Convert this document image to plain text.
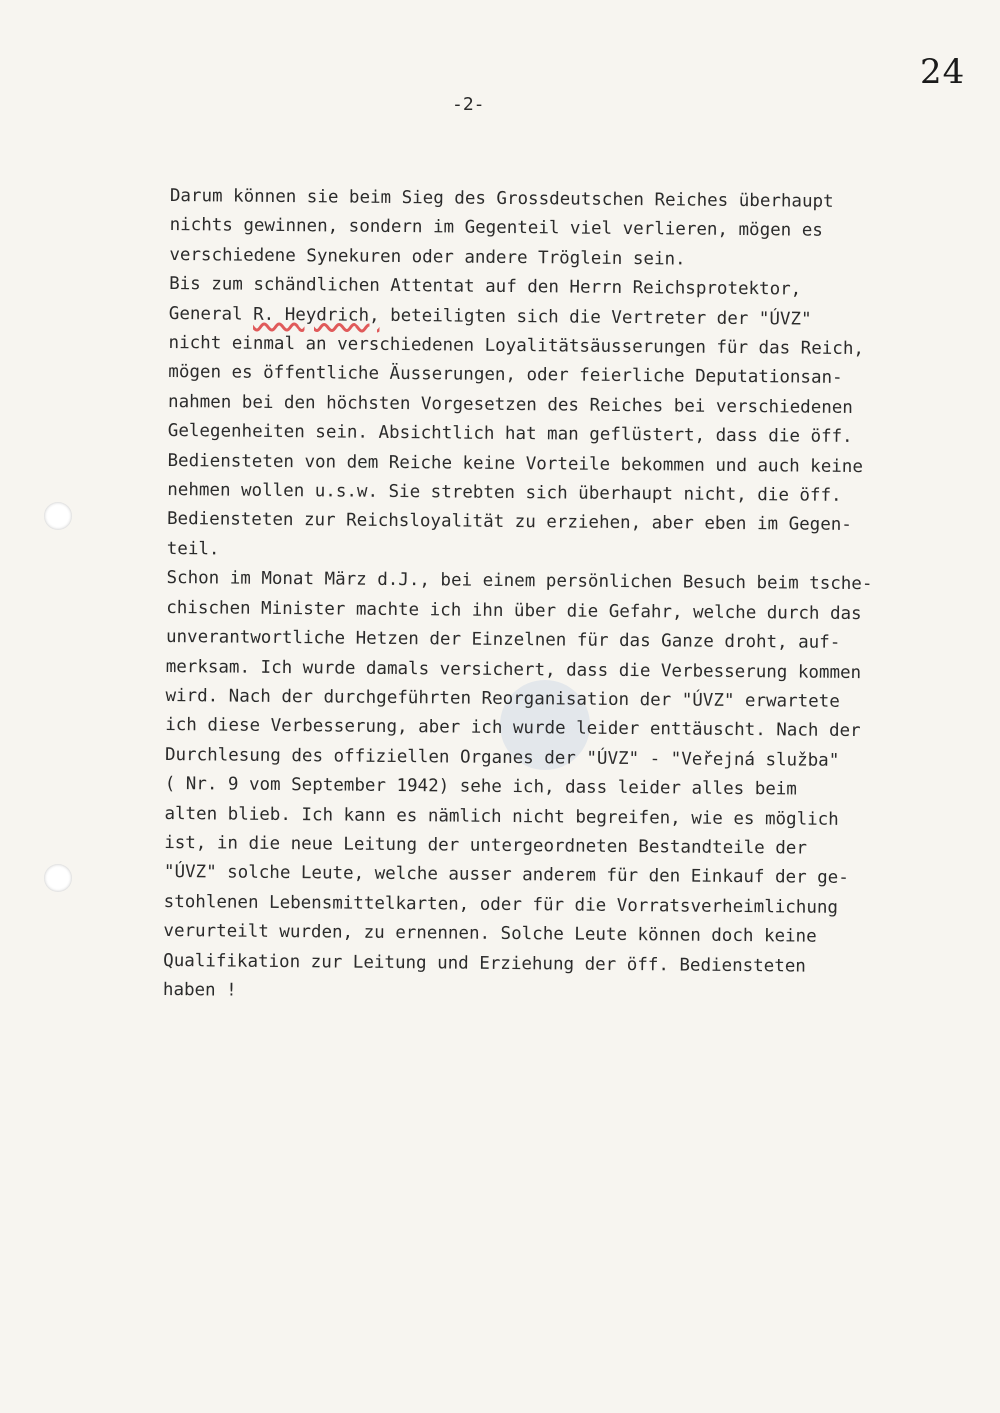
24
-2-
Darum können sie beim Sieg des Grossdeutschen Reiches überhaupt
nichts gewinnen, sondern im Gegenteil viel verlieren, mögen es
verschiedene Synekuren oder andere Tröglein sein.
Bis zum schändlichen Attentat auf den Herrn Reichsprotektor,
General R. Heydrich, beteiligten sich die Vertreter der "ÚVZ"
nicht einmal an verschiedenen Loyalitätsäusserungen für das Reich,
mögen es öffentliche Äusserungen, oder feierliche Deputationsan-
nahmen bei den höchsten Vorgesetzen des Reiches bei verschiedenen
Gelegenheiten sein. Absichtlich hat man geflüstert, dass die öff.
Bediensteten von dem Reiche keine Vorteile bekommen und auch keine
nehmen wollen u.s.w. Sie strebten sich überhaupt nicht, die öff.
Bediensteten zur Reichsloyalität zu erziehen, aber eben im Gegen-
teil.
Schon im Monat März d.J., bei einem persönlichen Besuch beim tsche-
chischen Minister machte ich ihn über die Gefahr, welche durch das
unverantwortliche Hetzen der Einzelnen für das Ganze droht, auf-
merksam. Ich wurde damals versichert, dass die Verbesserung kommen
wird. Nach der durchgeführten Reorganisation der "ÚVZ" erwartete
ich diese Verbesserung, aber ich wurde leider enttäuscht. Nach der
Durchlesung des offiziellen Organes der "ÚVZ" - "Veřejná služba"
( Nr. 9 vom September 1942) sehe ich, dass leider alles beim
alten blieb. Ich kann es nämlich nicht begreifen, wie es möglich
ist, in die neue Leitung der untergeordneten Bestandteile der
"ÚVZ" solche Leute, welche ausser anderem für den Einkauf der ge-
stohlenen Lebensmittelkarten, oder für die Vorratsverheimlichung
verurteilt wurden, zu ernennen. Solche Leute können doch keine
Qualifikation zur Leitung und Erziehung der öff. Bediensteten
haben !
